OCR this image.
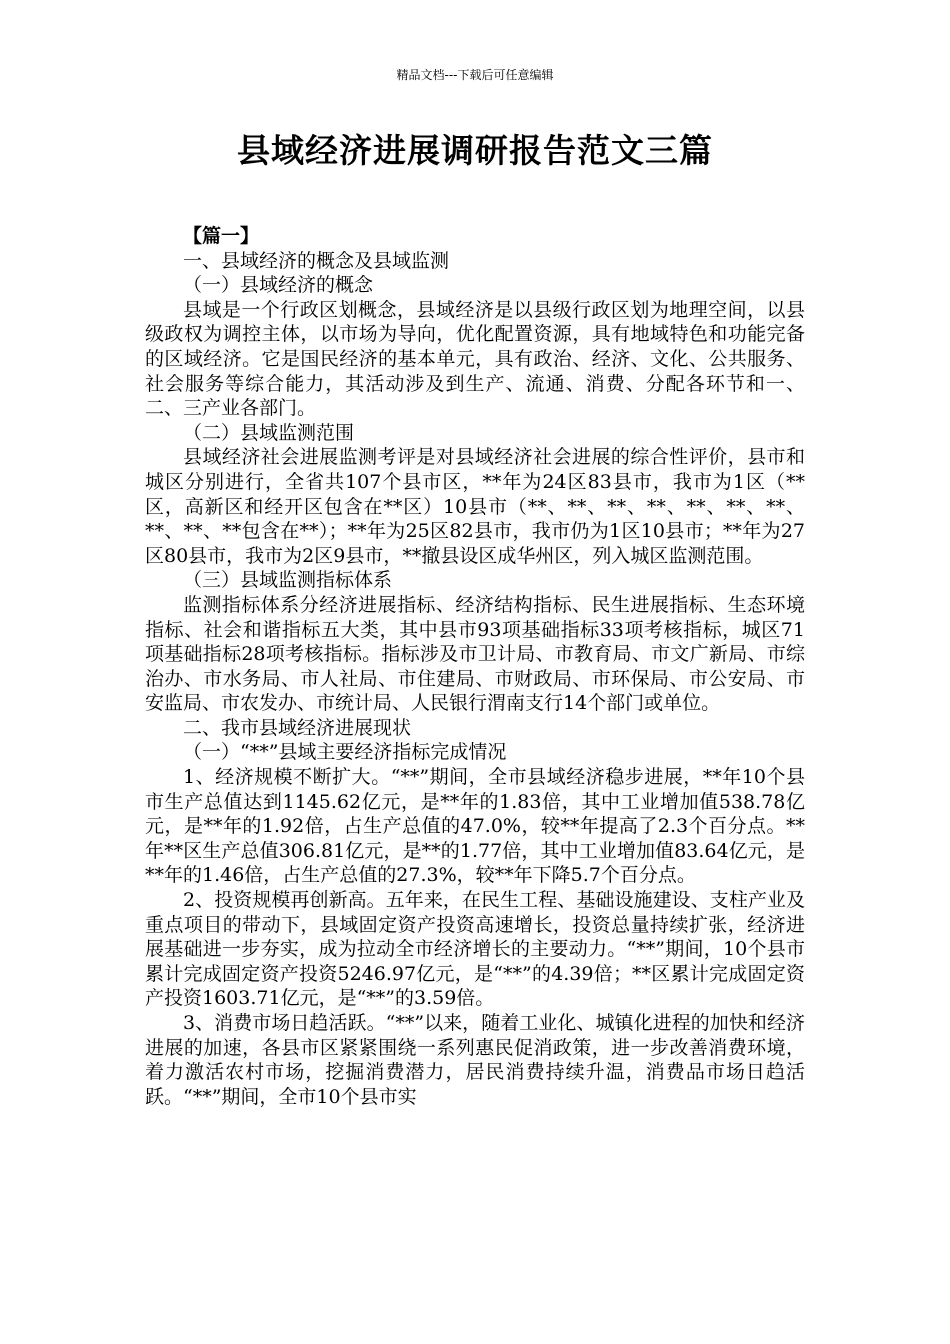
精品文档---下载后可任意编辑
县域经济进展调研报告范文三篇

【篇一】

一、县域经济的概念及县域监测

（一）县域经济的概念

县域是一个行政区划概念，县域经济是以县级行政区划为地理空间，以县级政权为调控主体，以市场为导向，优化配置资源，具有地域特色和功能完备的区域经济。它是国民经济的基本单元，具有政治、经济、文化、公共服务、社会服务等综合能力，其活动涉及到生产、流通、消费、分配各环节和一、二、三产业各部门。

（二）县域监测范围

县域经济社会进展监测考评是对县域经济社会进展的综合性评价，县市和城区分别进行，全省共107个县市区，**年为24区83县市，我市为1区（**区，高新区和经开区包含在**区）10县市（**、**、**、**、**、**、**、**、**、**包含在**）；**年为25区82县市，我市仍为1区10县市；**年为27区80县市，我市为2区9县市，**撤县设区成华州区，列入城区监测范围。

（三）县域监测指标体系

监测指标体系分经济进展指标、经济结构指标、民生进展指标、生态环境指标、社会和谐指标五大类，其中县市93项基础指标33项考核指标，城区71项基础指标28项考核指标。指标涉及市卫计局、市教育局、市文广新局、市综治办、市水务局、市人社局、市住建局、市财政局、市环保局、市公安局、市安监局、市农发办、市统计局、人民银行渭南支行14个部门或单位。

二、我市县域经济进展现状

（一）“**”县域主要经济指标完成情况

1、经济规模不断扩大。“**”期间，全市县域经济稳步进展，**年10个县市生产总值达到1145.62亿元，是**年的1.83倍，其中工业增加值538.78亿元，是**年的1.92倍，占生产总值的47.0%，较**年提高了2.3个百分点。**年**区生产总值306.81亿元，是**的1.77倍，其中工业增加值83.64亿元，是**年的1.46倍，占生产总值的27.3%，较**年下降5.7个百分点。

2、投资规模再创新高。五年来，在民生工程、基础设施建设、支柱产业及重点项目的带动下，县域固定资产投资高速增长，投资总量持续扩张，经济进展基础进一步夯实，成为拉动全市经济增长的主要动力。“**”期间，10个县市累计完成固定资产投资5246.97亿元，是“**”的4.39倍；**区累计完成固定资产投资1603.71亿元，是“**”的3.59倍。

3、消费市场日趋活跃。“**”以来，随着工业化、城镇化进程的加快和经济进展的加速，各县市区紧紧围绕一系列惠民促消政策，进一步改善消费环境，着力激活农村市场，挖掘消费潜力，居民消费持续升温，消费品市场日趋活跃。“**”期间，全市10个县市实
